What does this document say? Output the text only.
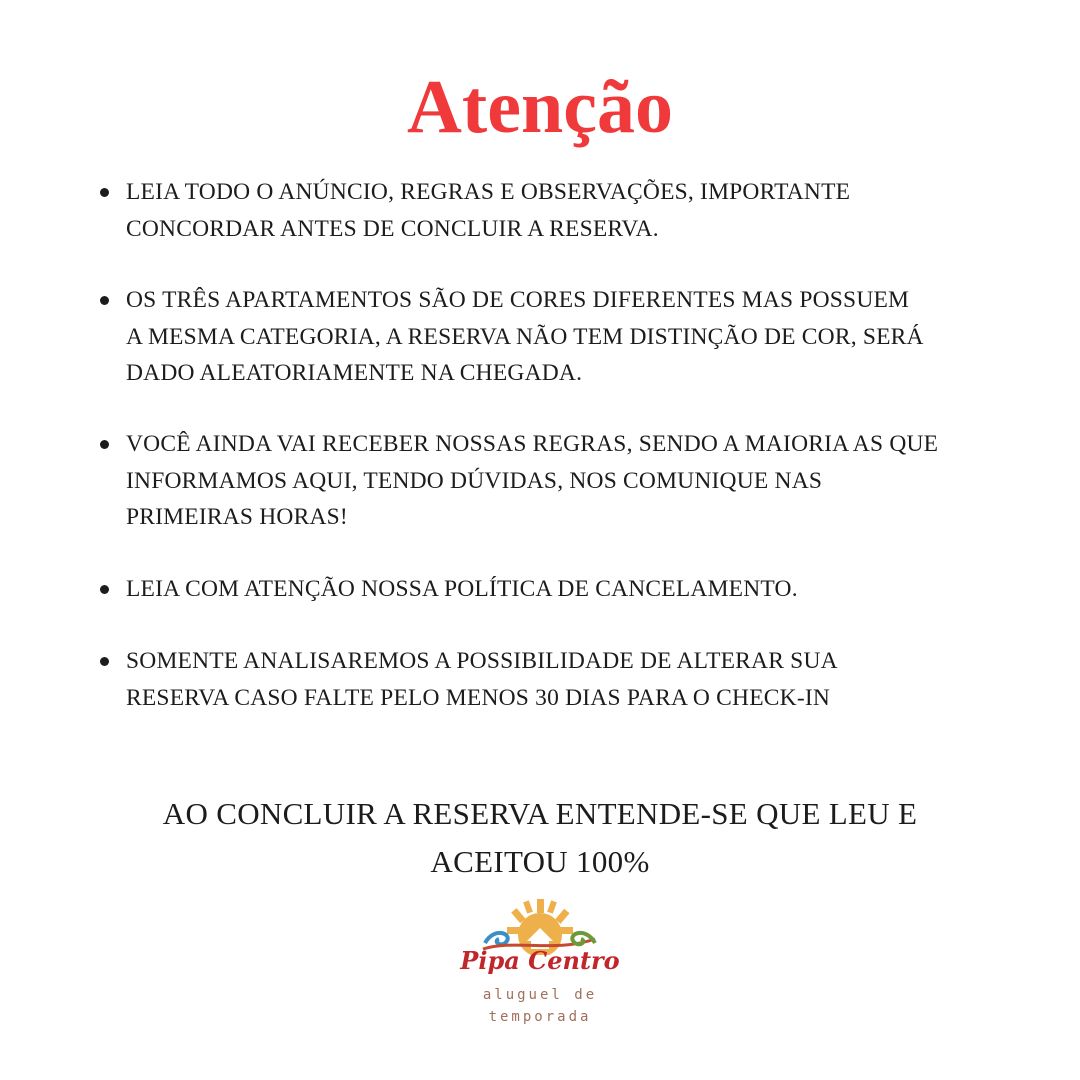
Atenção
LEIA TODO O ANÚNCIO, REGRAS E OBSERVAÇÕES, IMPORTANTE
CONCORDAR ANTES DE CONCLUIR A RESERVA.
OS TRÊS APARTAMENTOS SÃO DE CORES DIFERENTES MAS POSSUEM
A MESMA CATEGORIA, A RESERVA NÃO TEM DISTINÇÃO DE COR, SERÁ
DADO ALEATORIAMENTE NA CHEGADA.
VOCÊ AINDA VAI RECEBER NOSSAS REGRAS, SENDO A MAIORIA AS QUE
INFORMAMOS AQUI, TENDO DÚVIDAS, NOS COMUNIQUE NAS
PRIMEIRAS HORAS!
LEIA COM ATENÇÃO NOSSA POLÍTICA DE CANCELAMENTO.
SOMENTE ANALISAREMOS A POSSIBILIDADE DE ALTERAR SUA
RESERVA CASO FALTE PELO MENOS 30 DIAS PARA O CHECK-IN
AO CONCLUIR A RESERVA ENTENDE-SE QUE LEU E
ACEITOU 100%
Pipa Centro
aluguel de
temporada
